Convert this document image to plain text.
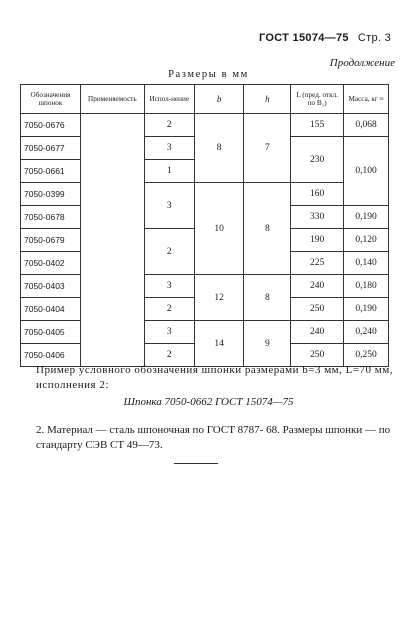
ГОСТ 15074—75 Стр. 3
Продолжение
Размеры в мм
Обозначения шпонок	Применяемость	Испол-нение	b	h	L (пред. откл. по B₁)	Масса, кг ≈
7050-0676		2	8	7	155	0,068
7050-0677		3			230	0,100
7050-0661		1				
7050-0399		3	10	8	160	
7050-0678					330	0,190
7050-0679		2			190	0,120
7050-0402					225	0,140
7050-0403		3	12	8	240	0,180
7050-0404		2			250	0,190
7050-0405		3	14	9	240	0,240
7050-0406		2			250	0,250
Пример условного обозначения шпонки размерами b=3 мм, L=70 мм, исполнения 2:
Шпонка 7050-0662 ГОСТ 15074—75
2. Материал — сталь шпоночная по ГОСТ 8787- 68. Размеры шпонки — по стандарту СЭВ СТ 49—73.
